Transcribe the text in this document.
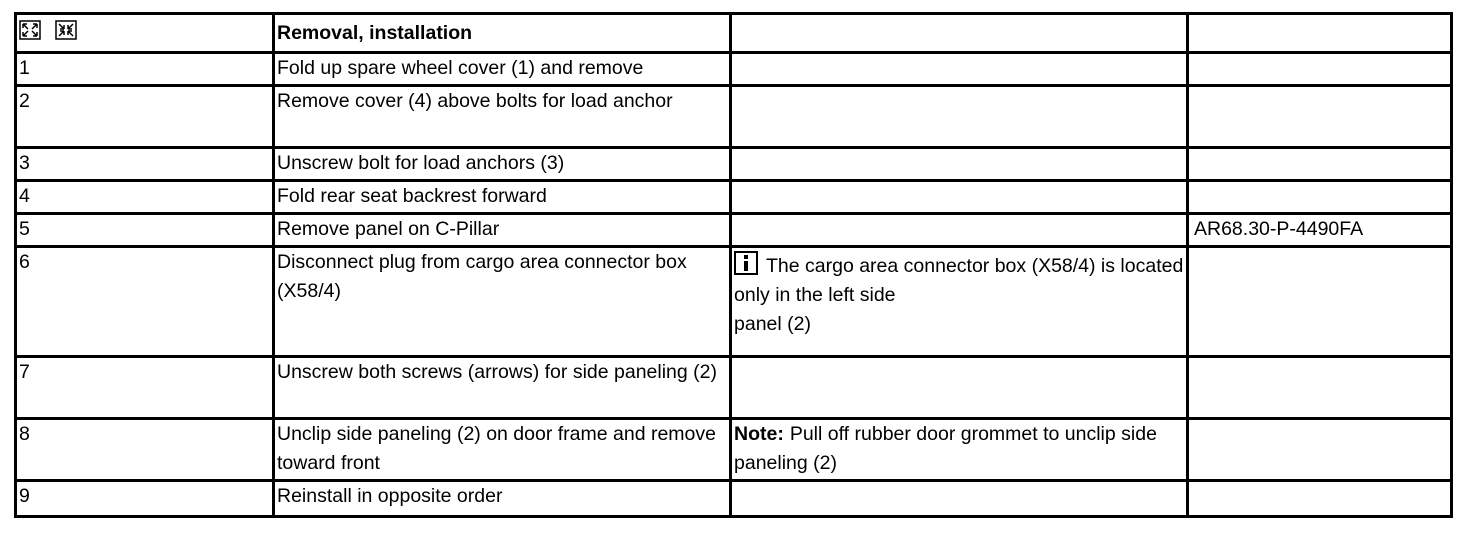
	Removal, installation		
1	Fold up spare wheel cover (1) and remove		
2	Remove cover (4) above bolts for load anchor		
3	Unscrew bolt for load anchors (3)		
4	Fold rear seat backrest forward		
5	Remove panel on C-Pillar		AR68.30-P-4490FA
6	Disconnect plug from cargo area connector box (X58/4)	The cargo area connector box (X58/4) is located only in the left side
panel (2)	
7	Unscrew both screws (arrows) for side paneling (2)		
8	Unclip side paneling (2) on door frame and remove toward front	Note: Pull off rubber door grommet to unclip side paneling (2)	
9	Reinstall in opposite order		
